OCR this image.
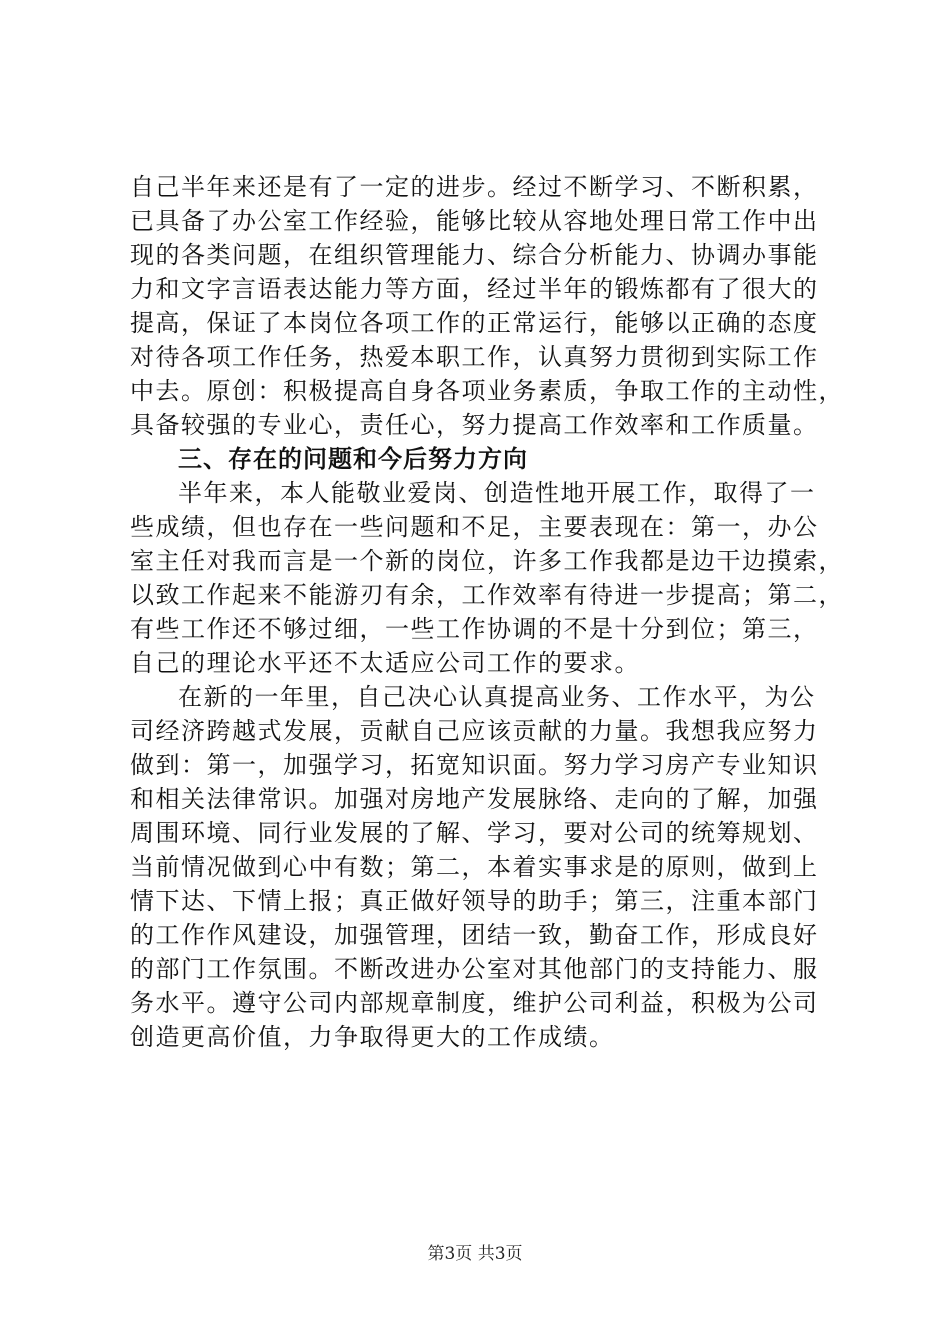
自己半年来还是有了一定的进步。经过不断学习、不断积累，
已具备了办公室工作经验，能够比较从容地处理日常工作中出
现的各类问题，在组织管理能力、综合分析能力、协调办事能
力和文字言语表达能力等方面，经过半年的锻炼都有了很大的
提高，保证了本岗位各项工作的正常运行，能够以正确的态度
对待各项工作任务，热爱本职工作，认真努力贯彻到实际工作
中去。原创：积极提高自身各项业务素质，争取工作的主动性，
具备较强的专业心，责任心，努力提高工作效率和工作质量。
三、存在的问题和今后努力方向
半年来，本人能敬业爱岗、创造性地开展工作，取得了一
些成绩，但也存在一些问题和不足，主要表现在：第一，办公
室主任对我而言是一个新的岗位，许多工作我都是边干边摸索，
以致工作起来不能游刃有余，工作效率有待进一步提高；第二，
有些工作还不够过细，一些工作协调的不是十分到位；第三，
自己的理论水平还不太适应公司工作的要求。
在新的一年里，自己决心认真提高业务、工作水平，为公
司经济跨越式发展，贡献自己应该贡献的力量。我想我应努力
做到：第一，加强学习，拓宽知识面。努力学习房产专业知识
和相关法律常识。加强对房地产发展脉络、走向的了解，加强
周围环境、同行业发展的了解、学习，要对公司的统筹规划、
当前情况做到心中有数；第二，本着实事求是的原则，做到上
情下达、下情上报；真正做好领导的助手；第三，注重本部门
的工作作风建设，加强管理，团结一致，勤奋工作，形成良好
的部门工作氛围。不断改进办公室对其他部门的支持能力、服
务水平。遵守公司内部规章制度，维护公司利益，积极为公司
创造更高价值，力争取得更大的工作成绩。
第3页 共3页
